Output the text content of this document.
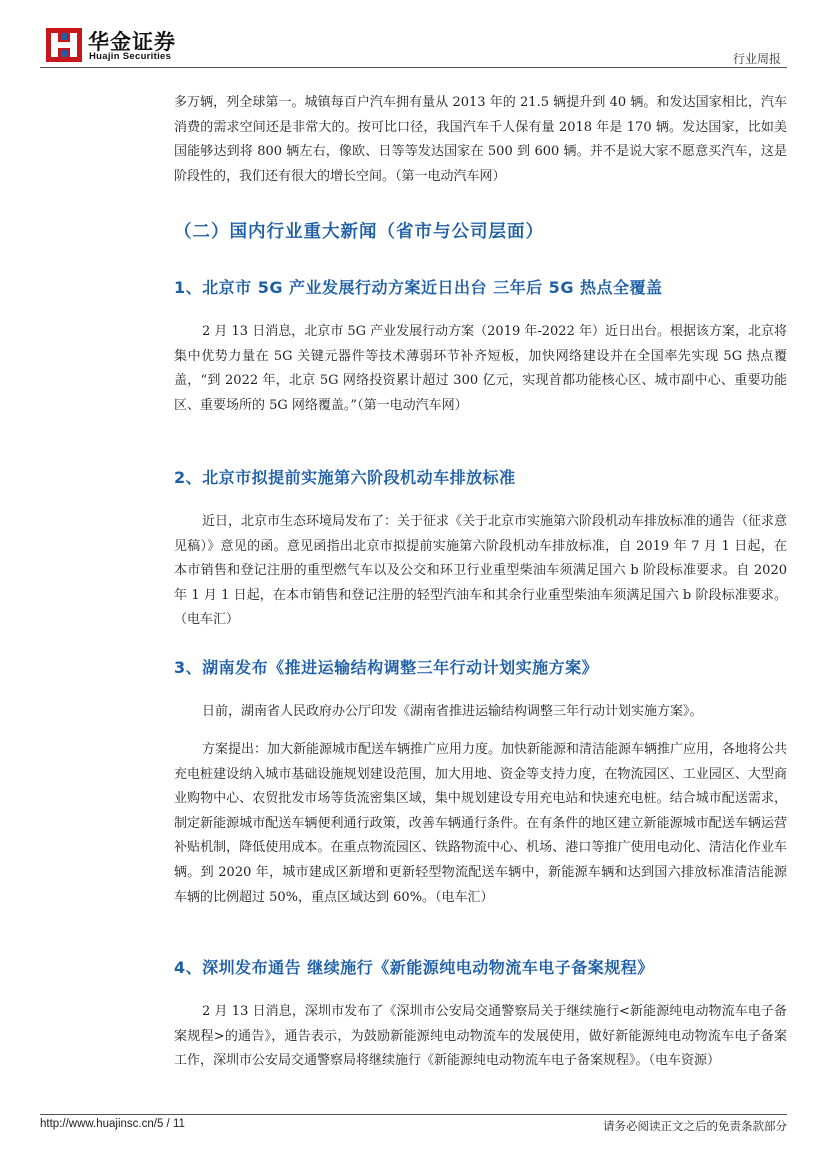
华金证券
Huajin Securities	行业周报

多万辆，列全球第一。城镇每百户汽车拥有量从 2013 年的 21.5 辆提升到 40 辆。和发达国家相比，汽车消费的需求空间还是非常大的。按可比口径，我国汽车千人保有量 2018 年是 170 辆。发达国家，比如美国能够达到将 800 辆左右，像欧、日等等发达国家在 500 到 600 辆。并不是说大家不愿意买汽车，这是阶段性的，我们还有很大的增长空间。（第一电动汽车网）

（二）国内行业重大新闻（省市与公司层面）
1、北京市 5G 产业发展行动方案近日出台 三年后 5G 热点全覆盖

2 月 13 日消息，北京市 5G 产业发展行动方案（2019 年-2022 年）近日出台。根据该方案，北京将集中优势力量在 5G 关键元器件等技术薄弱环节补齐短板，加快网络建设并在全国率先实现 5G 热点覆盖，“到 2022 年，北京 5G 网络投资累计超过 300 亿元，实现首都功能核心区、城市副中心、重要功能区、重要场所的 5G 网络覆盖。”（第一电动汽车网）

2、北京市拟提前实施第六阶段机动车排放标准

近日，北京市生态环境局发布了：关于征求《关于北京市实施第六阶段机动车排放标准的通告（征求意见稿）》意见的函。意见函指出北京市拟提前实施第六阶段机动车排放标准，自 2019 年 7 月 1 日起，在本市销售和登记注册的重型燃气车以及公交和环卫行业重型柴油车须满足国六 b 阶段标准要求。自 2020 年 1 月 1 日起，在本市销售和登记注册的轻型汽油车和其余行业重型柴油车须满足国六 b 阶段标准要求。（电车汇）

3、湖南发布《推进运输结构调整三年行动计划实施方案》

日前，湖南省人民政府办公厅印发《湖南省推进运输结构调整三年行动计划实施方案》。

方案提出：加大新能源城市配送车辆推广应用力度。加快新能源和清洁能源车辆推广应用，各地将公共充电桩建设纳入城市基础设施规划建设范围，加大用地、资金等支持力度，在物流园区、工业园区、大型商业购物中心、农贸批发市场等货流密集区域，集中规划建设专用充电站和快速充电桩。结合城市配送需求，制定新能源城市配送车辆便利通行政策，改善车辆通行条件。在有条件的地区建立新能源城市配送车辆运营补贴机制，降低使用成本。在重点物流园区、铁路物流中心、机场、港口等推广使用电动化、清洁化作业车辆。到 2020 年，城市建成区新增和更新轻型物流配送车辆中，新能源车辆和达到国六排放标准清洁能源车辆的比例超过 50%，重点区域达到 60%。（电车汇）

4、深圳发布通告 继续施行《新能源纯电动物流车电子备案规程》

2 月 13 日消息，深圳市发布了《深圳市公安局交通警察局关于继续施行<新能源纯电动物流车电子备案规程>的通告》，通告表示，为鼓励新能源纯电动物流车的发展使用，做好新能源纯电动物流车电子备案工作，深圳市公安局交通警察局将继续施行《新能源纯电动物流车电子备案规程》。（电车资源）

http://www.huajinsc.cn/5 / 11	请务必阅读正文之后的免责条款部分
